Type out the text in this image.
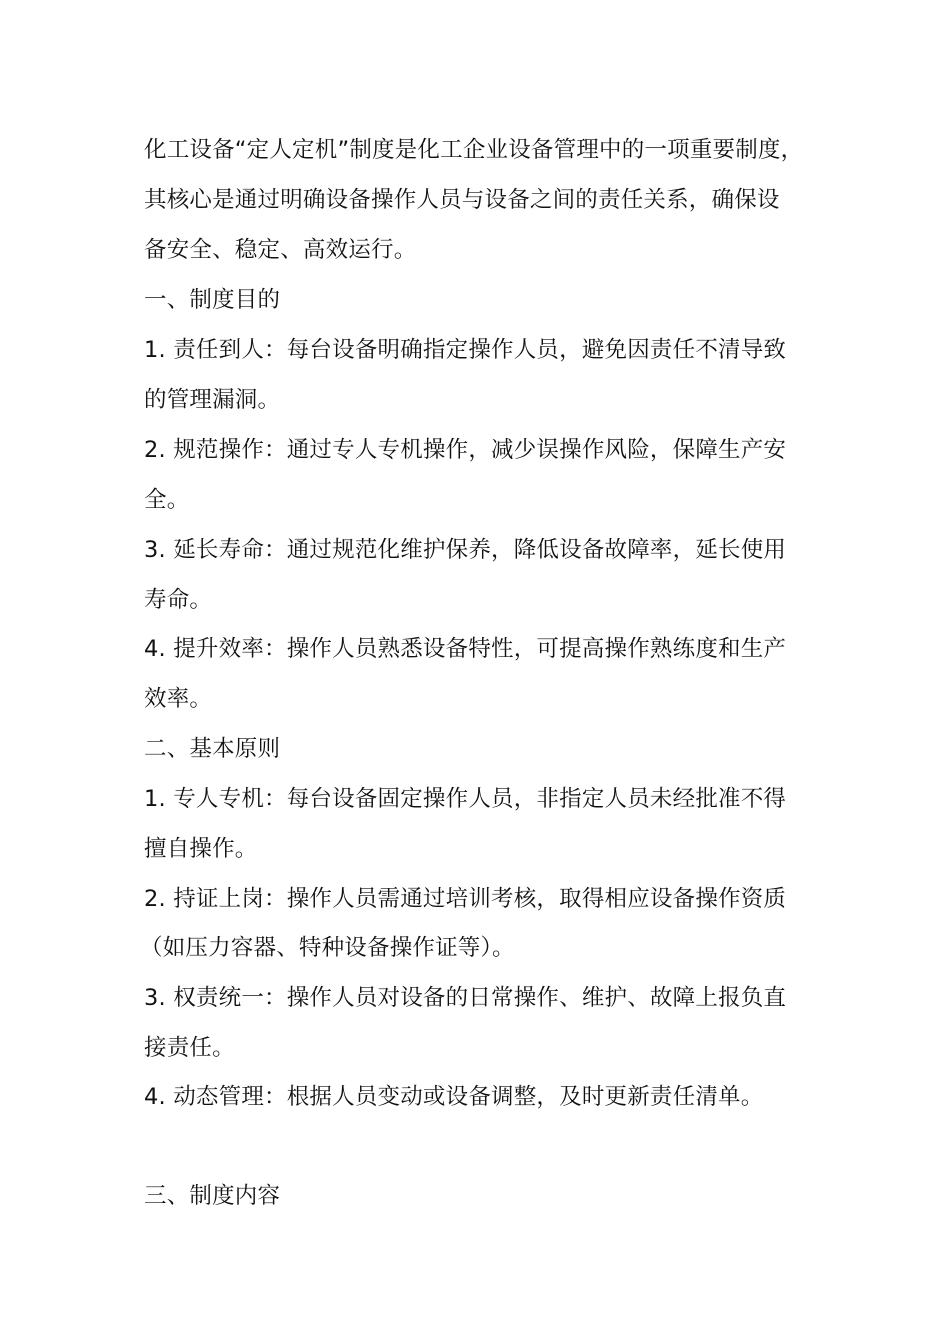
化工设备“定人定机”制度是化工企业设备管理中的一项重要制度，
其核心是通过明确设备操作人员与设备之间的责任关系，确保设
备安全、稳定、高效运行。
一、制度目的
1. 责任到人：每台设备明确指定操作人员，避免因责任不清导致
的管理漏洞。
2. 规范操作：通过专人专机操作，减少误操作风险，保障生产安
全。
3. 延长寿命：通过规范化维护保养，降低设备故障率，延长使用
寿命。
4. 提升效率：操作人员熟悉设备特性，可提高操作熟练度和生产
效率。
二、基本原则
1. 专人专机：每台设备固定操作人员，非指定人员未经批准不得
擅自操作。
2. 持证上岗：操作人员需通过培训考核，取得相应设备操作资质
（如压力容器、特种设备操作证等）。
3. 权责统一：操作人员对设备的日常操作、维护、故障上报负直
接责任。
4. 动态管理：根据人员变动或设备调整，及时更新责任清单。
三、制度内容
